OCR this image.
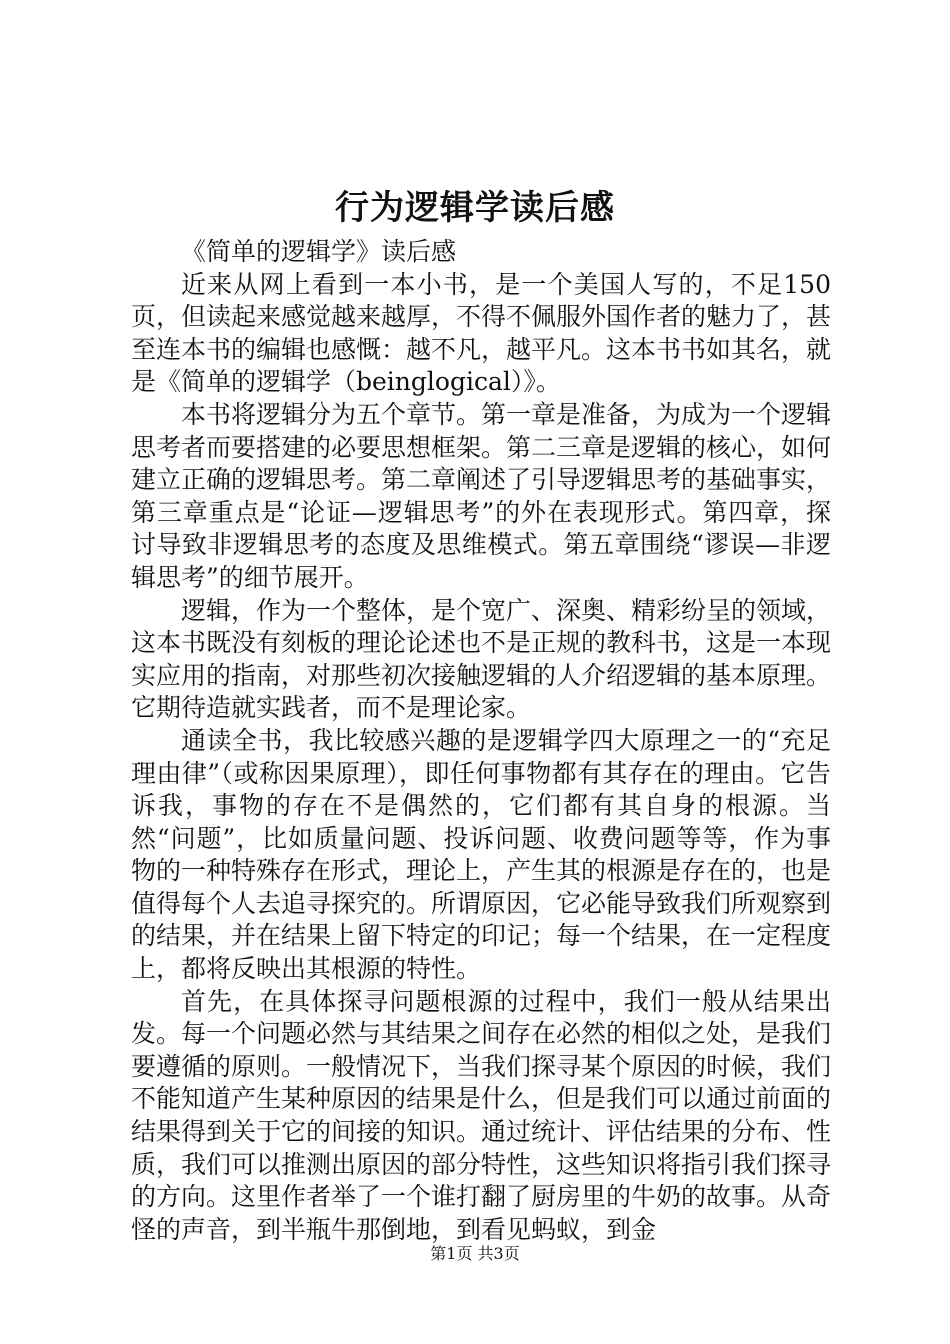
行为逻辑学读后感

《简单的逻辑学》读后感

近来从网上看到一本小书，是一个美国人写的，不足150页，但读起来感觉越来越厚，不得不佩服外国作者的魅力了，甚至连本书的编辑也感慨：越不凡，越平凡。这本书书如其名，就是《简单的逻辑学（beinglogical）》。

本书将逻辑分为五个章节。第一章是准备，为成为一个逻辑思考者而要搭建的必要思想框架。第二三章是逻辑的核心，如何建立正确的逻辑思考。第二章阐述了引导逻辑思考的基础事实，第三章重点是“论证—逻辑思考”的外在表现形式。第四章，探讨导致非逻辑思考的态度及思维模式。第五章围绕“谬误—非逻辑思考”的细节展开。

逻辑，作为一个整体，是个宽广、深奥、精彩纷呈的领域，这本书既没有刻板的理论论述也不是正规的教科书，这是一本现实应用的指南，对那些初次接触逻辑的人介绍逻辑的基本原理。它期待造就实践者，而不是理论家。

通读全书，我比较感兴趣的是逻辑学四大原理之一的“充足理由律”（或称因果原理），即任何事物都有其存在的理由。它告诉我，事物的存在不是偶然的，它们都有其自身的根源。当然“问题”，比如质量问题、投诉问题、收费问题等等，作为事物的一种特殊存在形式，理论上，产生其的根源是存在的，也是值得每个人去追寻探究的。所谓原因，它必能导致我们所观察到的结果，并在结果上留下特定的印记；每一个结果，在一定程度上，都将反映出其根源的特性。

首先，在具体探寻问题根源的过程中，我们一般从结果出发。每一个问题必然与其结果之间存在必然的相似之处，是我们要遵循的原则。一般情况下，当我们探寻某个原因的时候，我们不能知道产生某种原因的结果是什么，但是我们可以通过前面的结果得到关于它的间接的知识。通过统计、评估结果的分布、性质，我们可以推测出原因的部分特性，这些知识将指引我们探寻的方向。这里作者举了一个谁打翻了厨房里的牛奶的故事。从奇怪的声音，到半瓶牛那倒地，到看见蚂蚁，到金

第1页 共3页
